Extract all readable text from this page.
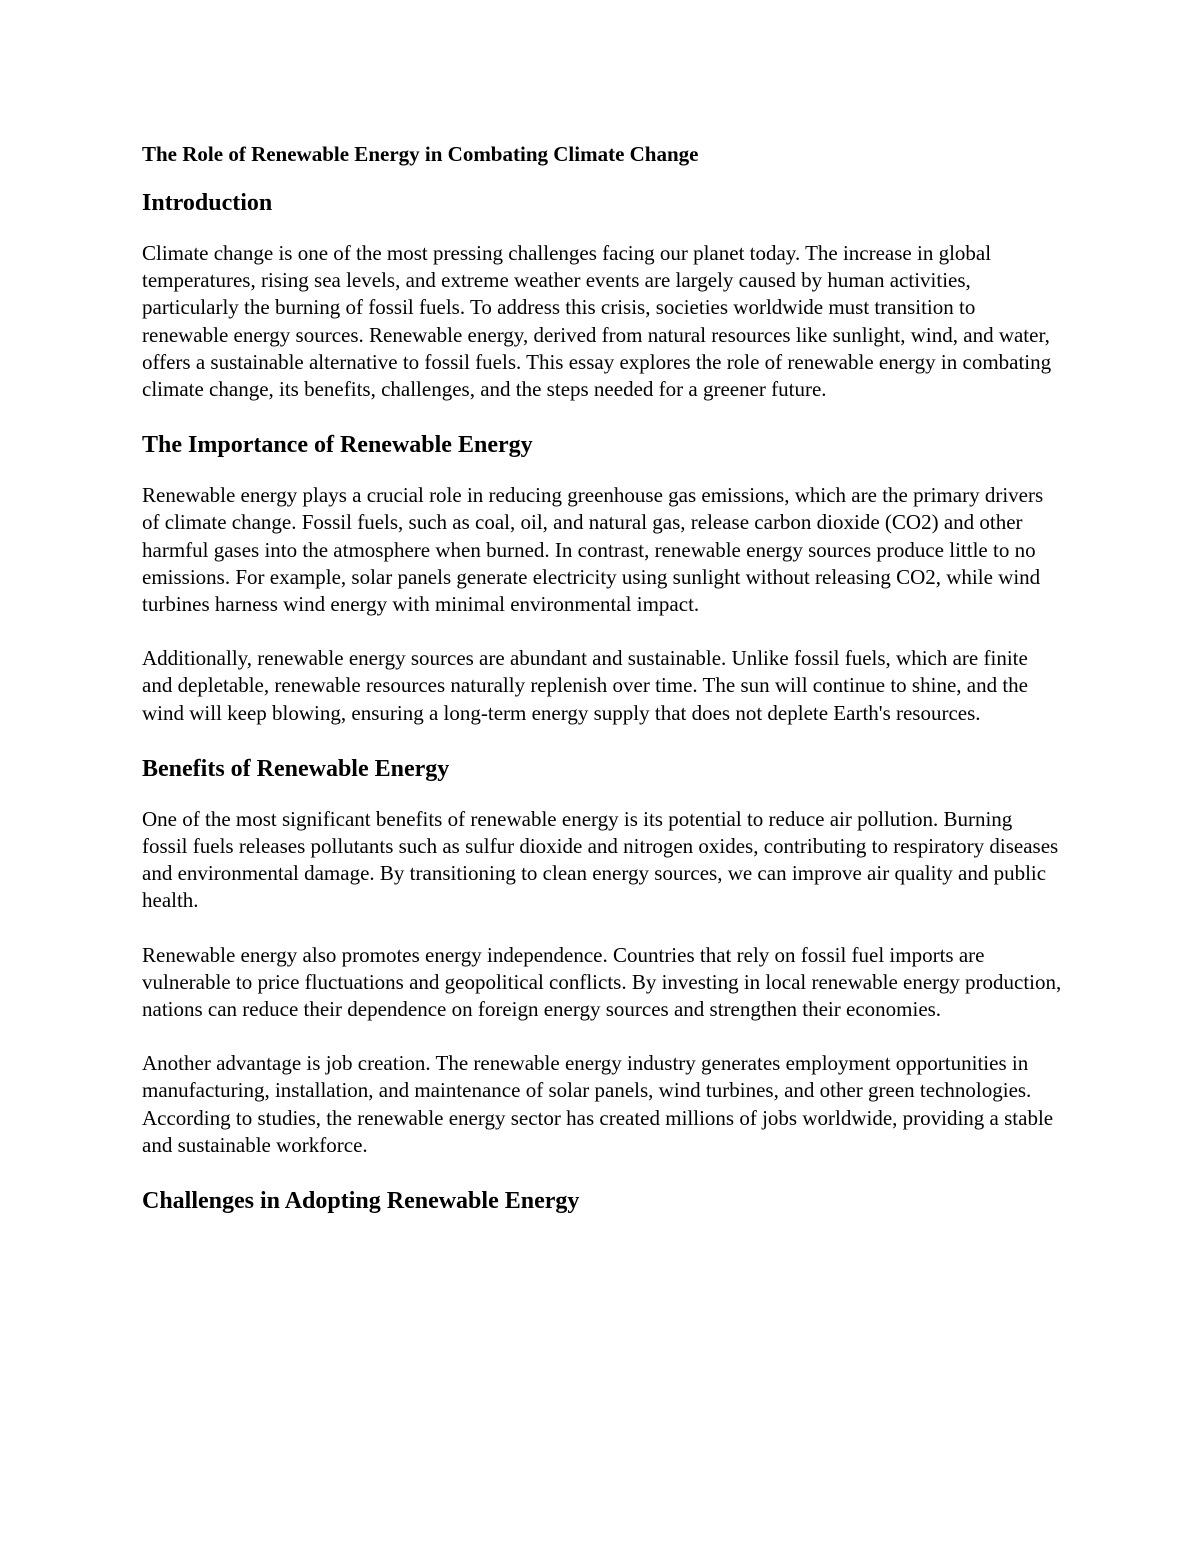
The Role of Renewable Energy in Combating Climate Change
Introduction

Climate change is one of the most pressing challenges facing our planet today. The increase in global temperatures, rising sea levels, and extreme weather events are largely caused by human activities, particularly the burning of fossil fuels. To address this crisis, societies worldwide must transition to renewable energy sources. Renewable energy, derived from natural resources like sunlight, wind, and water, offers a sustainable alternative to fossil fuels. This essay explores the role of renewable energy in combating climate change, its benefits, challenges, and the steps needed for a greener future.

The Importance of Renewable Energy

Renewable energy plays a crucial role in reducing greenhouse gas emissions, which are the primary drivers of climate change. Fossil fuels, such as coal, oil, and natural gas, release carbon dioxide (CO2) and other harmful gases into the atmosphere when burned. In contrast, renewable energy sources produce little to no emissions. For example, solar panels generate electricity using sunlight without releasing CO2, while wind turbines harness wind energy with minimal environmental impact.

Additionally, renewable energy sources are abundant and sustainable. Unlike fossil fuels, which are finite and depletable, renewable resources naturally replenish over time. The sun will continue to shine, and the wind will keep blowing, ensuring a long-term energy supply that does not deplete Earth's resources.

Benefits of Renewable Energy

One of the most significant benefits of renewable energy is its potential to reduce air pollution. Burning fossil fuels releases pollutants such as sulfur dioxide and nitrogen oxides, contributing to respiratory diseases and environmental damage. By transitioning to clean energy sources, we can improve air quality and public health.

Renewable energy also promotes energy independence. Countries that rely on fossil fuel imports are vulnerable to price fluctuations and geopolitical conflicts. By investing in local renewable energy production, nations can reduce their dependence on foreign energy sources and strengthen their economies.

Another advantage is job creation. The renewable energy industry generates employment opportunities in manufacturing, installation, and maintenance of solar panels, wind turbines, and other green technologies. According to studies, the renewable energy sector has created millions of jobs worldwide, providing a stable and sustainable workforce.

Challenges in Adopting Renewable Energy
